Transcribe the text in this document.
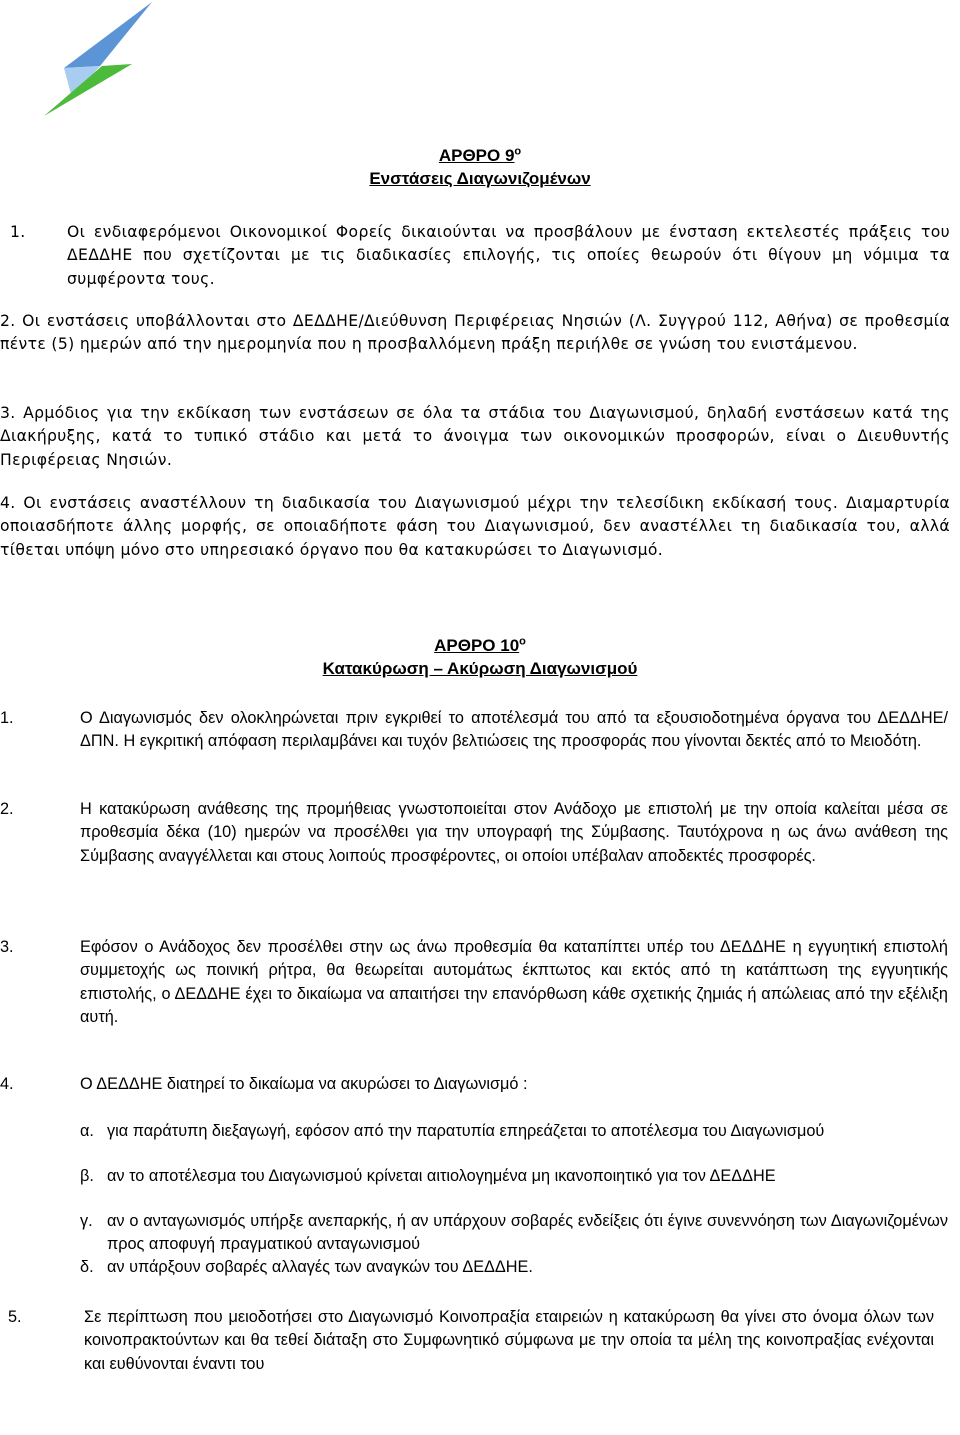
ΑΡΘΡΟ $9^o$
Ενστάσεις Διαγωνιζομένων
1.	Οι ενδιαφερόμενοι Οικονομικοί Φορείς δικαιούνται να προσβάλουν με ένσταση εκτελεστές πράξεις του ΔΕΔΔΗΕ που σχετίζονται με τις διαδικασίες επιλογής, τις οποίες θεωρούν ότι θίγουν μη νόμιμα τα συμφέροντα τους.
2. Οι ενστάσεις υποβάλλονται στο ΔΕΔΔΗΕ/Διεύθυνση Περιφέρειας Νησιών (Λ. Συγγρού 112, Αθήνα) σε προθεσμία πέντε (5) ημερών από την ημερομηνία που η προσβαλλόμενη πράξη περιήλθε σε γνώση του ενιστάμενου.
3. Αρμόδιος για την εκδίκαση των ενστάσεων σε όλα τα στάδια του Διαγωνισμού, δηλαδή ενστάσεων κατά της Διακήρυξης, κατά το τυπικό στάδιο και μετά το άνοιγμα των οικονομικών προσφορών, είναι ο Διευθυντής Περιφέρειας Νησιών.
4. Οι ενστάσεις αναστέλλουν τη διαδικασία του Διαγωνισμού μέχρι την τελεσίδικη εκδίκασή τους. Διαμαρτυρία οποιασδήποτε άλλης μορφής, σε οποιαδήποτε φάση του Διαγωνισμού, δεν αναστέλλει τη διαδικασία του, αλλά τίθεται υπόψη μόνο στο υπηρεσιακό όργανο που θα κατακυρώσει το Διαγωνισμό.
ΑΡΘΡΟ $10^o$
Κατακύρωση – Ακύρωση Διαγωνισμού
1.	Ο Διαγωνισμός δεν ολοκληρώνεται πριν εγκριθεί το αποτέλεσμά του από τα εξουσιοδοτημένα όργανα του ΔΕΔΔΗΕ/ΔΠΝ. Η εγκριτική απόφαση περιλαμβάνει και τυχόν βελτιώσεις της προσφοράς που γίνονται δεκτές από το Μειοδότη.
2.	Η κατακύρωση ανάθεσης της προμήθειας γνωστοποιείται στον Ανάδοχο με επιστολή με την οποία καλείται μέσα σε προθεσμία δέκα (10) ημερών να προσέλθει για την υπογραφή της Σύμβασης. Ταυτόχρονα η ως άνω ανάθεση της Σύμβασης αναγγέλλεται και στους λοιπούς προσφέροντες, οι οποίοι υπέβαλαν αποδεκτές προσφορές.
3.	Εφόσον ο Ανάδοχος δεν προσέλθει στην ως άνω προθεσμία θα καταπίπτει υπέρ του ΔΕΔΔΗΕ η εγγυητική επιστολή συμμετοχής ως ποινική ρήτρα, θα θεωρείται αυτομάτως έκπτωτος και εκτός από τη κατάπτωση της εγγυητικής επιστολής, ο ΔΕΔΔΗΕ έχει το δικαίωμα να απαιτήσει την επανόρθωση κάθε σχετικής ζημιάς ή απώλειας από την εξέλιξη αυτή.
4.	Ο ΔΕΔΔΗΕ διατηρεί το δικαίωμα να ακυρώσει το Διαγωνισμό :
α. για παράτυπη διεξαγωγή, εφόσον από την παρατυπία επηρεάζεται το αποτέλεσμα του Διαγωνισμού
β. αν το αποτέλεσμα του Διαγωνισμού κρίνεται αιτιολογημένα μη ικανοποιητικό για τον ΔΕΔΔΗΕ
γ. αν ο ανταγωνισμός υπήρξε ανεπαρκής, ή αν υπάρχουν σοβαρές ενδείξεις ότι έγινε συνεννόηση των Διαγωνιζομένων προς αποφυγή πραγματικού ανταγωνισμού
δ. αν υπάρξουν σοβαρές αλλαγές των αναγκών του ΔΕΔΔΗΕ.
5.	Σε περίπτωση που μειοδοτήσει στο Διαγωνισμό Κοινοπραξία εταιρειών η κατακύρωση θα γίνει στο όνομα όλων των κοινοπρακτούντων και θα τεθεί διάταξη στο Συμφωνητικό σύμφωνα με την οποία τα μέλη της κοινοπραξίας ενέχονται και ευθύνονται έναντι του
